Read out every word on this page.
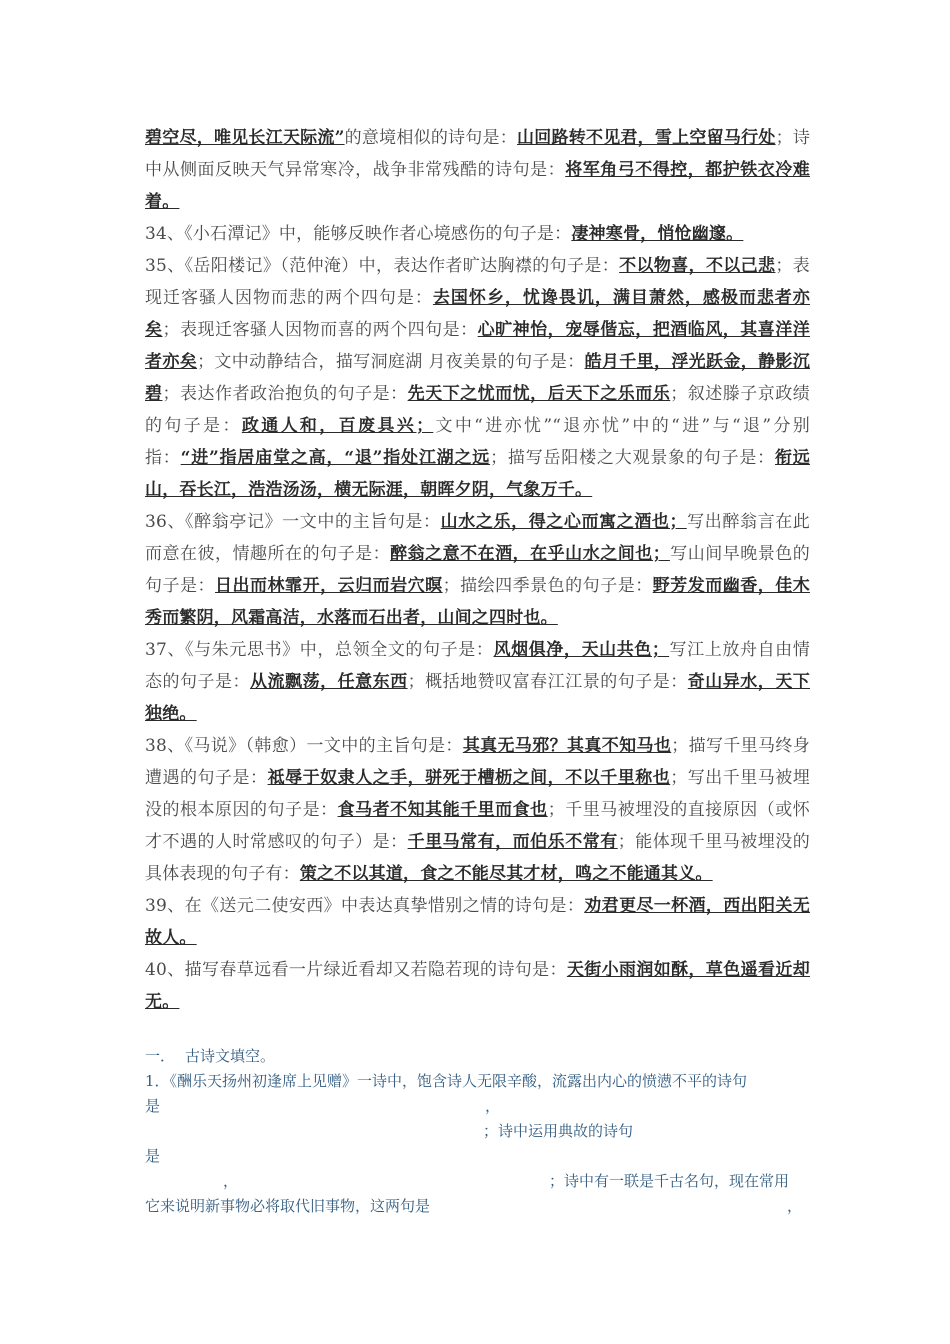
碧空尽，唯见长江天际流”的意境相似的诗句是：山回路转不见君，雪上空留马行处；诗中从侧面反映天气异常寒冷，战争非常残酷的诗句是：将军角弓不得控，都护铁衣冷难着。

34、《小石潭记》中，能够反映作者心境感伤的句子是：凄神寒骨，悄怆幽邃。

35、《岳阳楼记》（范仲淹）中，表达作者旷达胸襟的句子是：不以物喜，不以己悲；表现迁客骚人因物而悲的两个四句是：去国怀乡，忧谗畏讥，满目萧然，感极而悲者亦矣；表现迁客骚人因物而喜的两个四句是：心旷神怡，宠辱偕忘，把酒临风，其喜洋洋者亦矣；文中动静结合，描写洞庭湖 月夜美景的句子是：皓月千里，浮光跃金，静影沉碧；表达作者政治抱负的句子是：先天下之忧而忧，后天下之乐而乐；叙述滕子京政绩的句子是：政通人和，百废具兴；文中“进亦忧”“退亦忧”中的“进”与“退”分别指：“进”指居庙堂之高，“退”指处江湖之远；描写岳阳楼之大观景象的句子是：衔远山，吞长江，浩浩汤汤，横无际涯，朝晖夕阴，气象万千。

36、《醉翁亭记》一文中的主旨句是：山水之乐，得之心而寓之酒也；写出醉翁言在此而意在彼，情趣所在的句子是：醉翁之意不在酒，在乎山水之间也；写山间早晚景色的句子是：日出而林霏开，云归而岩穴暝；描绘四季景色的句子是：野芳发而幽香，佳木秀而繁阴，风霜高洁，水落而石出者，山间之四时也。

37、《与朱元思书》中，总领全文的句子是：风烟俱净，天山共色；写江上放舟自由情态的句子是：从流飘荡，任意东西；概括地赞叹富春江江景的句子是：奇山异水，天下独绝。

38、《马说》（韩愈）一文中的主旨句是：其真无马邪？其真不知马也；描写千里马终身遭遇的句子是：祗辱于奴隶人之手，骈死于槽枥之间，不以千里称也；写出千里马被埋没的根本原因的句子是：食马者不知其能千里而食也；千里马被埋没的直接原因（或怀才不遇的人时常感叹的句子）是：千里马常有，而伯乐不常有；能体现千里马被埋没的具体表现的句子有：策之不以其道，食之不能尽其才材，鸣之不能通其义。

39、在《送元二使安西》中表达真挚惜别之情的诗句是：劝君更尽一杯酒，西出阳关无故人。

40、描写春草远看一片绿近看却又若隐若现的诗句是：天街小雨润如酥，草色遥看近却无。

一． 古诗文填空。

1．《酬乐天扬州初逢席上见赠》一诗中，饱含诗人无限辛酸，流露出内心的愤懑不平的诗句

是	，
；诗中运用典故的诗句
是
，	；诗中有一联是千古名句，现在常用
它来说明新事物必将取代旧事物，这两句是	，
